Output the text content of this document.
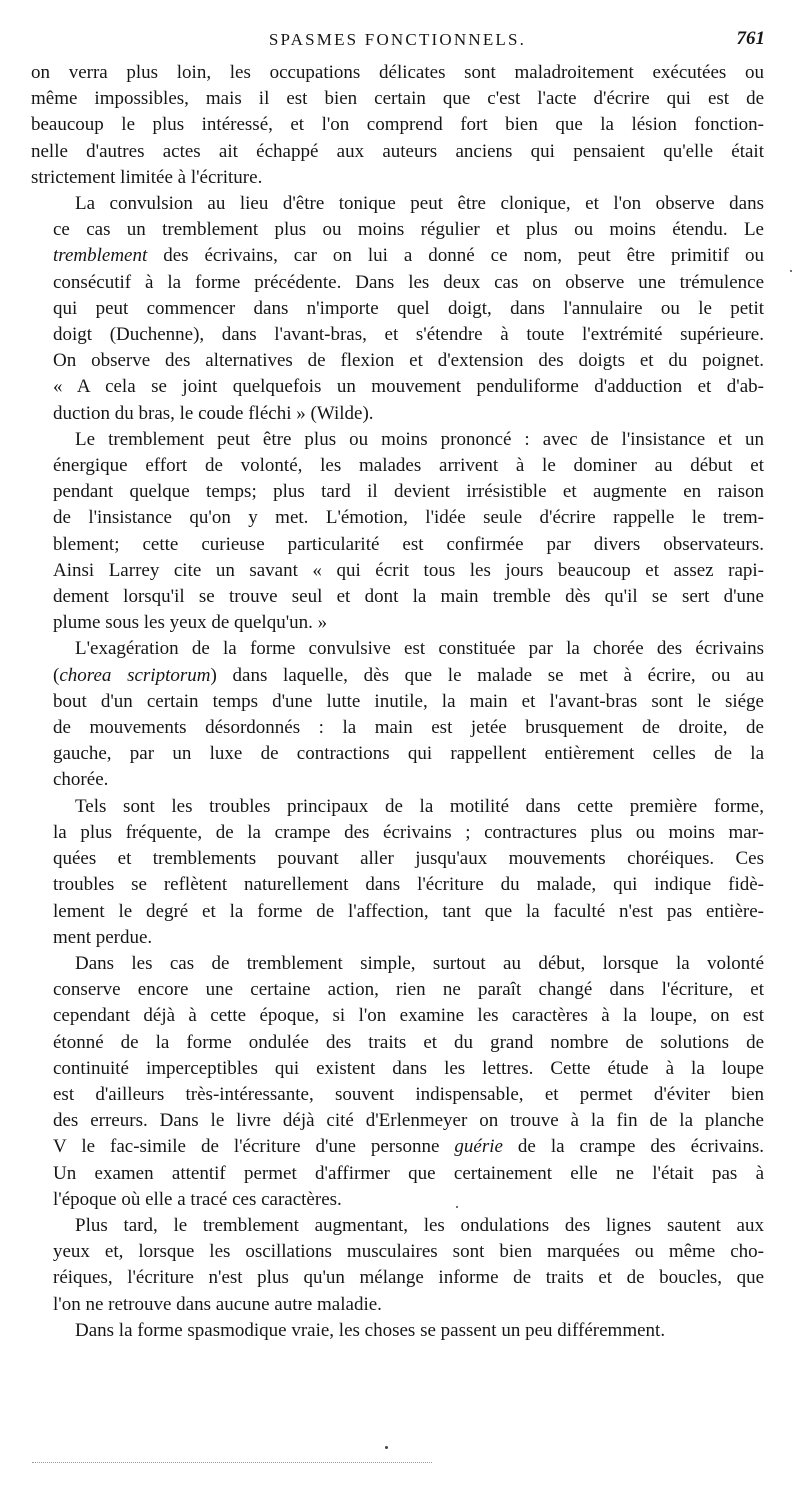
SPASMES FONCTIONNELS.	761
on verra plus loin, les occupations délicates sont maladroitement exécutées ou
même impossibles, mais il est bien certain que c'est l'acte d'écrire qui est de
beaucoup le plus intéressé, et l'on comprend fort bien que la lésion fonction-
nelle d'autres actes ait échappé aux auteurs anciens qui pensaient qu'elle était
strictement limitée à l'écriture.
La convulsion au lieu d'être tonique peut être clonique, et l'on observe dans
ce cas un tremblement plus ou moins régulier et plus ou moins étendu. Le
tremblement des écrivains, car on lui a donné ce nom, peut être primitif ou
consécutif à la forme précédente. Dans les deux cas on observe une trémulence
qui peut commencer dans n'importe quel doigt, dans l'annulaire ou le petit
doigt (Duchenne), dans l'avant-bras, et s'étendre à toute l'extrémité supérieure.
On observe des alternatives de flexion et d'extension des doigts et du poignet.
« A cela se joint quelquefois un mouvement penduliforme d'adduction et d'ab-
duction du bras, le coude fléchi » (Wilde).
Le tremblement peut être plus ou moins prononcé : avec de l'insistance et un
énergique effort de volonté, les malades arrivent à le dominer au début et
pendant quelque temps; plus tard il devient irrésistible et augmente en raison
de l'insistance qu'on y met. L'émotion, l'idée seule d'écrire rappelle le trem-
blement; cette curieuse particularité est confirmée par divers observateurs.
Ainsi Larrey cite un savant « qui écrit tous les jours beaucoup et assez rapi-
dement lorsqu'il se trouve seul et dont la main tremble dès qu'il se sert d'une
plume sous les yeux de quelqu'un. »
L'exagération de la forme convulsive est constituée par la chorée des écrivains
(chorea scriptorum) dans laquelle, dès que le malade se met à écrire, ou au
bout d'un certain temps d'une lutte inutile, la main et l'avant-bras sont le siége
de mouvements désordonnés : la main est jetée brusquement de droite, de
gauche, par un luxe de contractions qui rappellent entièrement celles de la
chorée.
Tels sont les troubles principaux de la motilité dans cette première forme,
la plus fréquente, de la crampe des écrivains ; contractures plus ou moins mar-
quées et tremblements pouvant aller jusqu'aux mouvements choréiques. Ces
troubles se reflètent naturellement dans l'écriture du malade, qui indique fidè-
lement le degré et la forme de l'affection, tant que la faculté n'est pas entière-
ment perdue.
Dans les cas de tremblement simple, surtout au début, lorsque la volonté
conserve encore une certaine action, rien ne paraît changé dans l'écriture, et
cependant déjà à cette époque, si l'on examine les caractères à la loupe, on est
étonné de la forme ondulée des traits et du grand nombre de solutions de
continuité imperceptibles qui existent dans les lettres. Cette étude à la loupe
est d'ailleurs très-intéressante, souvent indispensable, et permet d'éviter bien
des erreurs. Dans le livre déjà cité d'Erlenmeyer on trouve à la fin de la planche
V le fac-simile de l'écriture d'une personne guérie de la crampe des écrivains.
Un examen attentif permet d'affirmer que certainement elle ne l'était pas à
l'époque où elle a tracé ces caractères.
Plus tard, le tremblement augmentant, les ondulations des lignes sautent aux
yeux et, lorsque les oscillations musculaires sont bien marquées ou même cho-
réiques, l'écriture n'est plus qu'un mélange informe de traits et de boucles, que
l'on ne retrouve dans aucune autre maladie.
Dans la forme spasmodique vraie, les choses se passent un peu différemment.
